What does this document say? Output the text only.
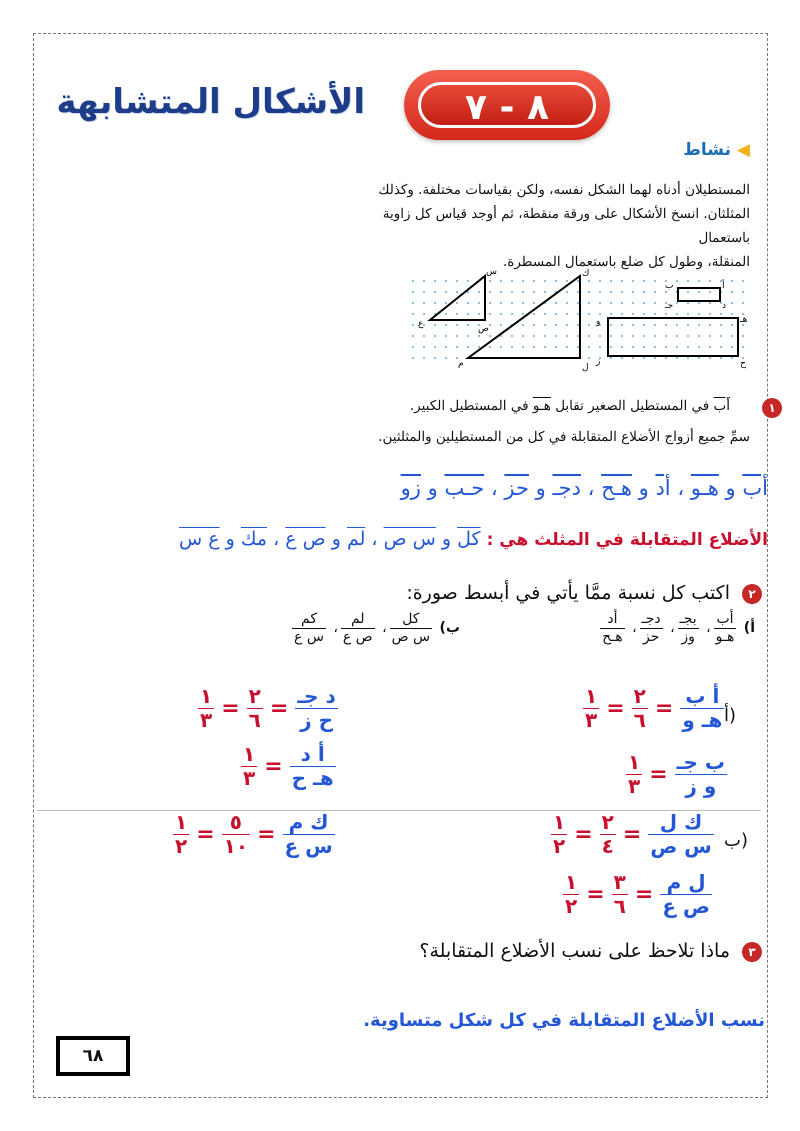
٨ - ٧
الأشكال المتشابهة
◀ نشاط
المستطيلان أدناه لهما الشكل نفسه، ولكن بقياسات مختلفة. وكذلك
المثلثان. انسخ الأشكال على ورقة منقطة، ثم أوجد قياس كل زاوية باستعمال
المنقلة، وطول كل ضلع باستعمال المسطرة.
س
ص
ع
ك
ل
م
ب	أ
د
جـ
هـ
و
ز	ح
١
أب في المستطيل الصغير تقابل هـو في المستطيل الكبير.
سمِّ جميع أزواج الأضلاع المتقابلة في كل من المستطيلين والمثلثين.
أب و هـو ، أد و هـح ، دجـ و حز ، حـب و زو
الأضلاع المتقابلة في المثلث هي : كل و س ص ، لم و ص ع ، مك و ع س
٢
اكتب كل نسبة ممَّا يأتي في أبسط صورة:
أ)
$\frac{\text{أب}}{\text{هـو}}$
،
$\frac{\text{بجـ}}{\text{وز}}$
،
$\frac{\text{دجـ}}{\text{حز}}$
،
$\frac{\text{أد}}{\text{هـح}}$
ب)
$\frac{\text{كل}}{\text{س ص}}$
،
$\frac{\text{لم}}{\text{ص ع}}$
،
$\frac{\text{كم}}{\text{س ع}}$
أ)
$\frac{١}{٣} = \frac{٢}{٦} = \frac{\text{أ ب}}{\text{هـ و}}$
$\frac{١}{٣} = \frac{\text{ب جـ}}{\text{و ز}}$
$\frac{١}{٣} = \frac{٢}{٦} = \frac{\text{د جـ}}{\text{ح ز}}$
$\frac{١}{٣} = \frac{\text{أ د}}{\text{هـ ح}}$
ب)
$\frac{١}{٢} = \frac{٢}{٤} = \frac{\text{ك ل}}{\text{س ص}}$
$\frac{١}{٢} = \frac{٣}{٦} = \frac{\text{ل م}}{\text{ص ع}}$
$\frac{١}{٢} = \frac{٥}{١٠} = \frac{\text{ك م}}{\text{س ع}}$
٣
ماذا تلاحظ على نسب الأضلاع المتقابلة؟
نسب الأضلاع المتقابلة في كل شكل متساوية.
٦٨
